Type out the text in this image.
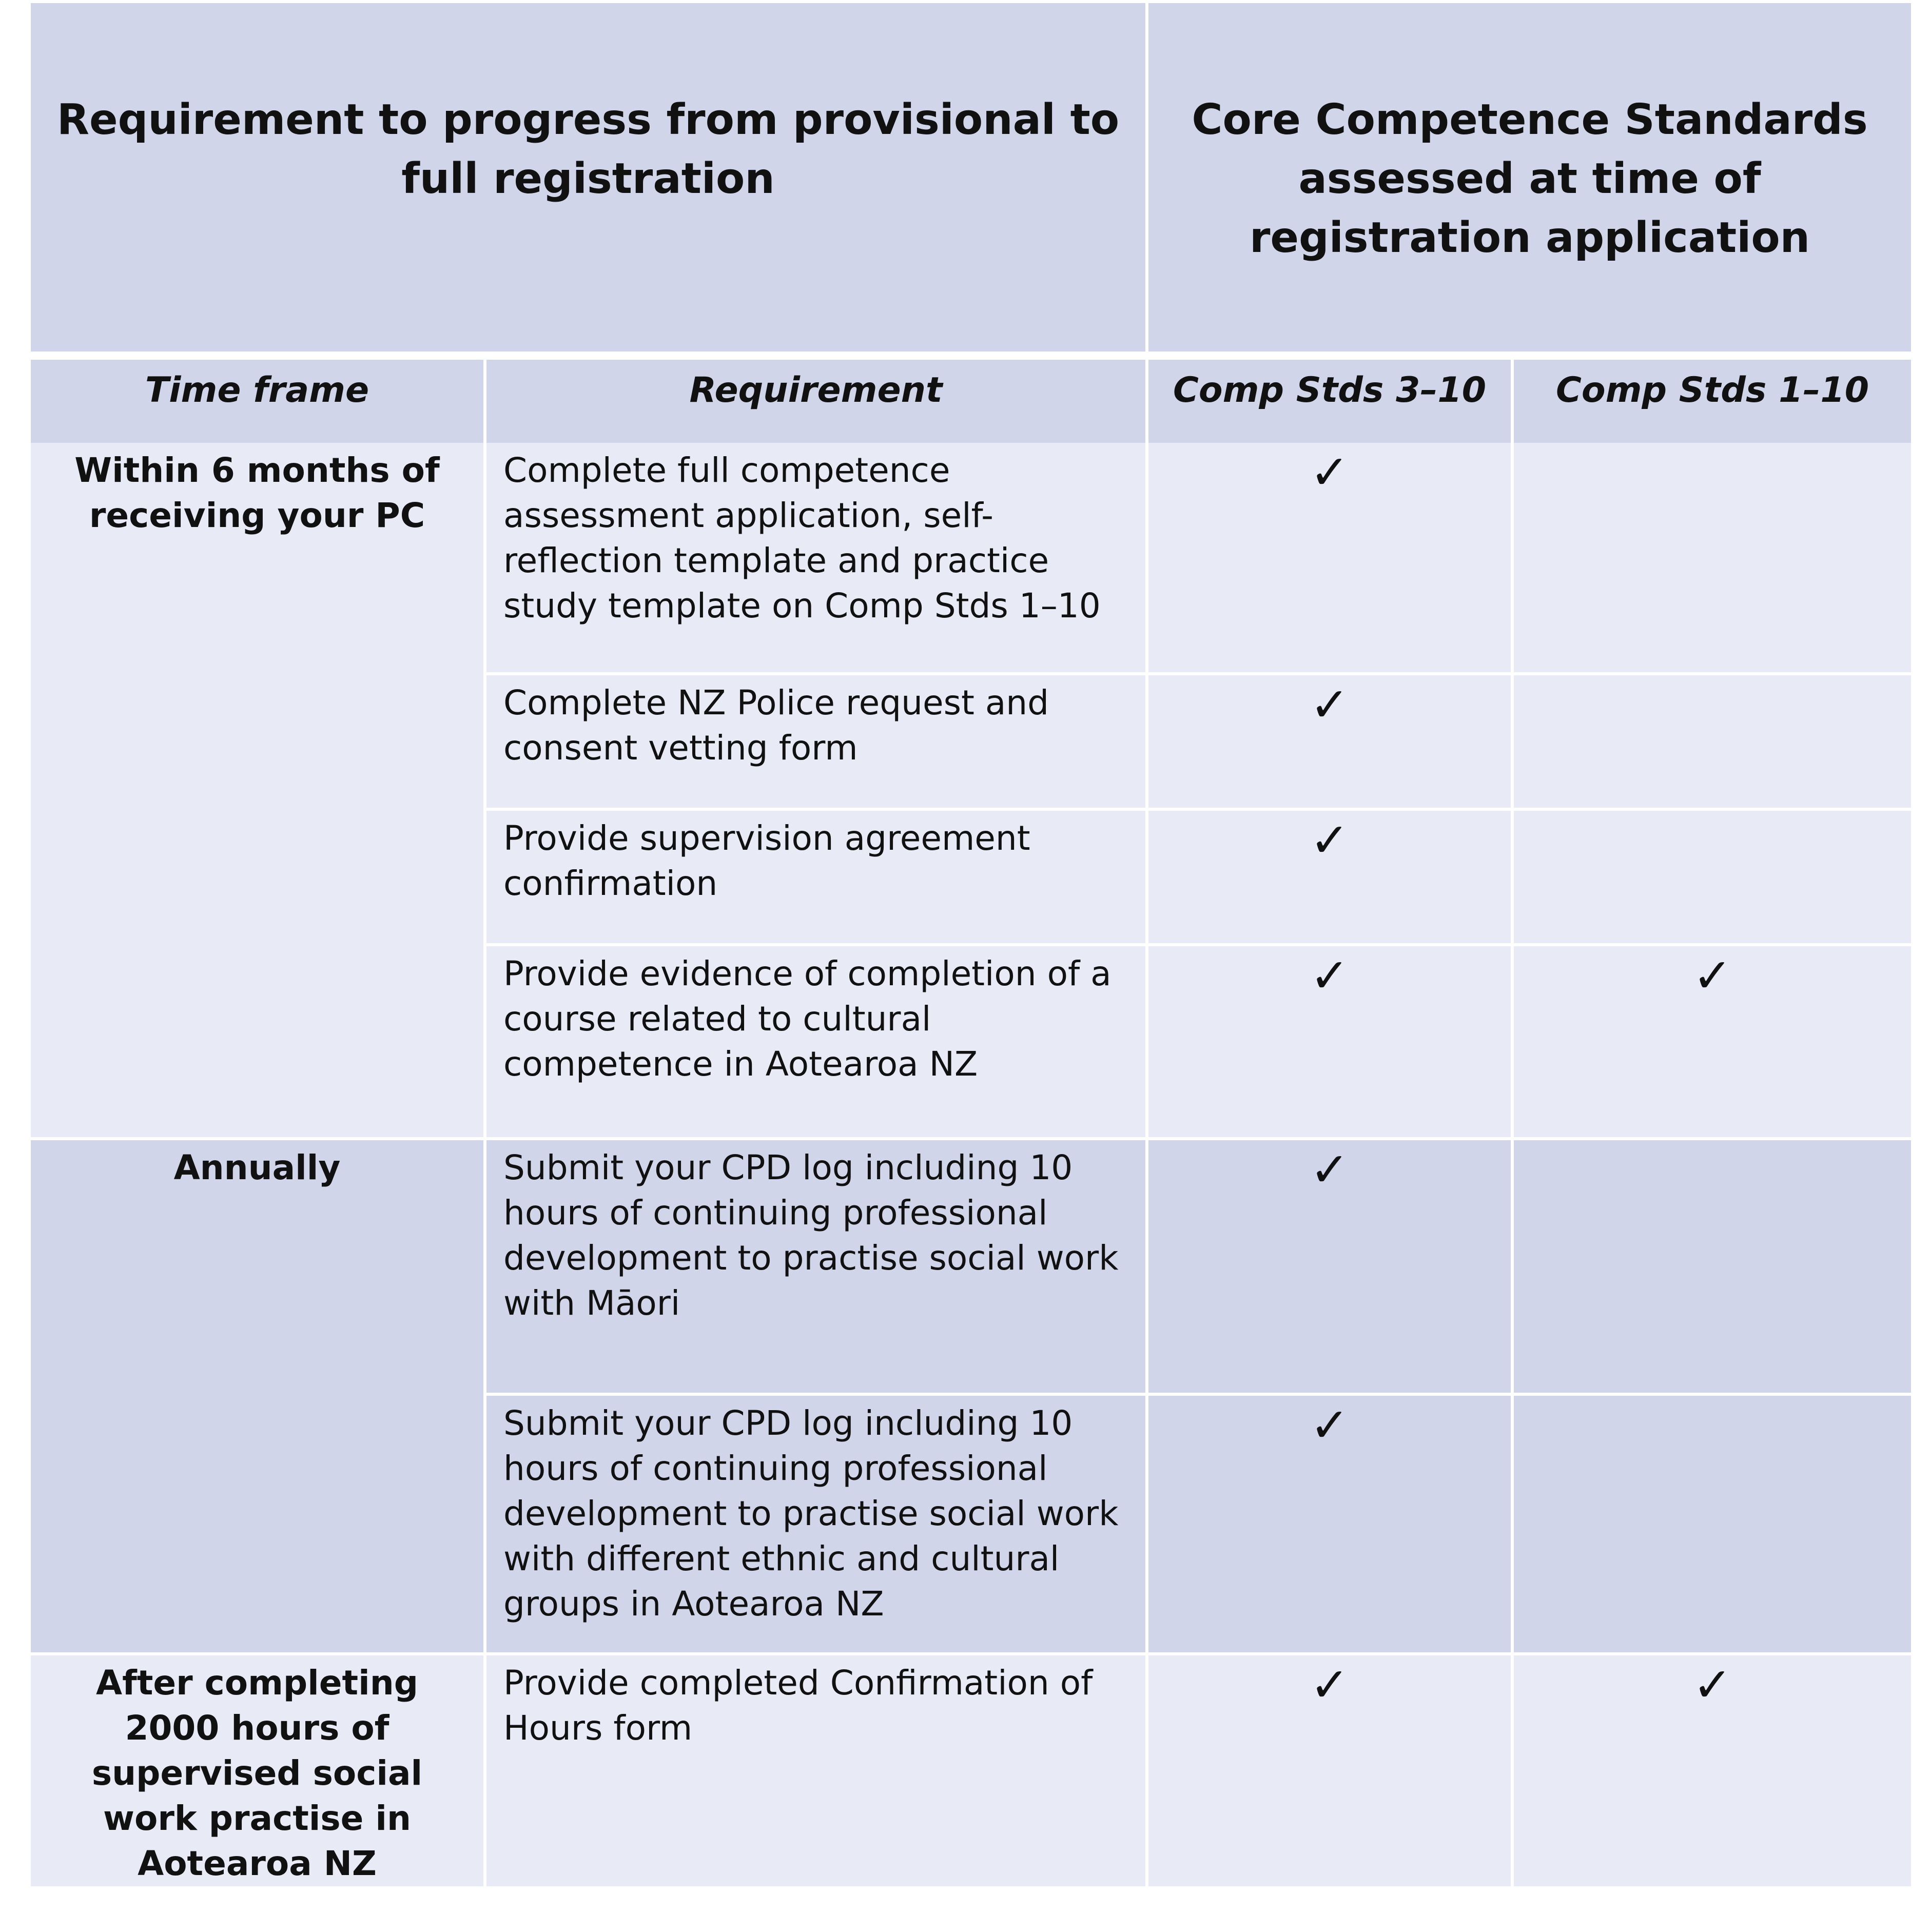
Requirement to progress from provisional to full registration		Core Competence Standards assessed at time of registration application	
Time frame	Requirement	Comp Stds 3–10	Comp Stds 1–10
Within 6 months of receiving your PC	Complete full competence assessment application, self-reflection template and practice study template on Comp Stds 1–10	✓	
	Complete NZ Police request and consent vetting form	✓	
	Provide supervision agreement confirmation	✓	
	Provide evidence of completion of a course related to cultural competence in Aotearoa NZ	✓	✓
Annually	Submit your CPD log including 10 hours of continuing professional development to practise social work with Māori	✓	
	Submit your CPD log including 10 hours of continuing professional development to practise social work with different ethnic and cultural groups in Aotearoa NZ	✓	
After completing 2000 hours of supervised social work practise in Aotearoa NZ	Provide completed Confirmation of Hours form	✓	✓
